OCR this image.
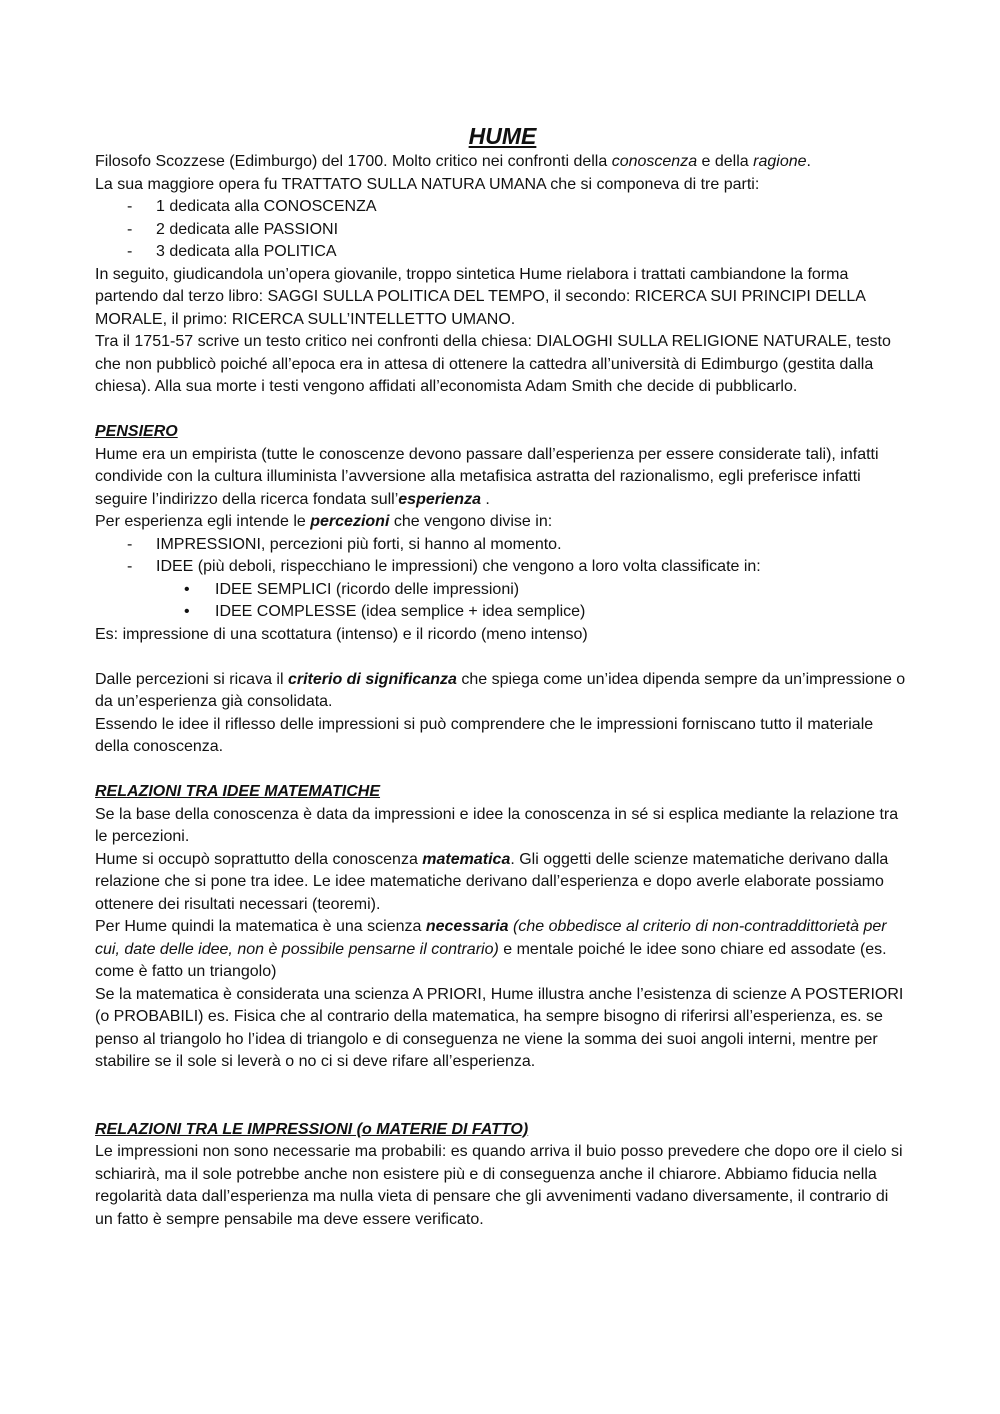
HUME

Filosofo Scozzese (Edimburgo) del 1700. Molto critico nei confronti della conoscenza e della ragione.

La sua maggiore opera fu TRATTATO SULLA NATURA UMANA che si componeva di tre parti:

- 1 dedicata alla CONOSCENZA
- 2 dedicata alle PASSIONI
- 3 dedicata alla POLITICA

In seguito, giudicandola un’opera giovanile, troppo sintetica Hume rielabora i trattati cambiandone la forma partendo dal terzo libro: SAGGI SULLA POLITICA DEL TEMPO, il secondo: RICERCA SUI PRINCIPI DELLA MORALE, il primo: RICERCA SULL’INTELLETTO UMANO.

Tra il 1751-57 scrive un testo critico nei confronti della chiesa: DIALOGHI SULLA RELIGIONE NATURALE, testo che non pubblicò poiché all’epoca era in attesa di ottenere la cattedra all’università di Edimburgo (gestita dalla chiesa). Alla sua morte i testi vengono affidati all’economista Adam Smith che decide di pubblicarlo.

PENSIERO

Hume era un empirista (tutte le conoscenze devono passare dall’esperienza per essere considerate tali), infatti condivide con la cultura illuminista l’avversione alla metafisica astratta del razionalismo, egli preferisce infatti seguire l’indirizzo della ricerca fondata sull’esperienza .

Per esperienza egli intende le percezioni che vengono divise in:

- IMPRESSIONI, percezioni più forti, si hanno al momento.
- IDEE (più deboli, rispecchiano le impressioni) che vengono a loro volta classificate in:
• IDEE SEMPLICI (ricordo delle impressioni)
• IDEE COMPLESSE (idea semplice + idea semplice)

Es: impressione di una scottatura (intenso) e il ricordo (meno intenso)

Dalle percezioni si ricava il criterio di significanza che spiega come un’idea dipenda sempre da un’impressione o da un’esperienza già consolidata.

Essendo le idee il riflesso delle impressioni si può comprendere che le impressioni forniscano tutto il materiale della conoscenza.

RELAZIONI TRA IDEE MATEMATICHE

Se la base della conoscenza è data da impressioni e idee la conoscenza in sé si esplica mediante la relazione tra le percezioni.

Hume si occupò soprattutto della conoscenza matematica. Gli oggetti delle scienze matematiche derivano dalla relazione che si pone tra idee. Le idee matematiche derivano dall’esperienza e dopo averle elaborate possiamo ottenere dei risultati necessari (teoremi).

Per Hume quindi la matematica è una scienza necessaria (che obbedisce al criterio di non-contraddittorietà per cui, date delle idee, non è possibile pensarne il contrario) e mentale poiché le idee sono chiare ed assodate (es. come è fatto un triangolo)

Se la matematica è considerata una scienza A PRIORI, Hume illustra anche l’esistenza di scienze A POSTERIORI (o PROBABILI) es. Fisica che al contrario della matematica, ha sempre bisogno di riferirsi all’esperienza, es. se penso al triangolo ho l’idea di triangolo e di conseguenza ne viene la somma dei suoi angoli interni, mentre per stabilire se il sole si leverà o no ci si deve rifare all’esperienza.

RELAZIONI TRA LE IMPRESSIONI (o MATERIE DI FATTO)

Le impressioni non sono necessarie ma probabili: es quando arriva il buio posso prevedere che dopo ore il cielo si schiarirà, ma il sole potrebbe anche non esistere più e di conseguenza anche il chiarore. Abbiamo fiducia nella regolarità data dall’esperienza ma nulla vieta di pensare che gli avvenimenti vadano diversamente, il contrario di un fatto è sempre pensabile ma deve essere verificato.
